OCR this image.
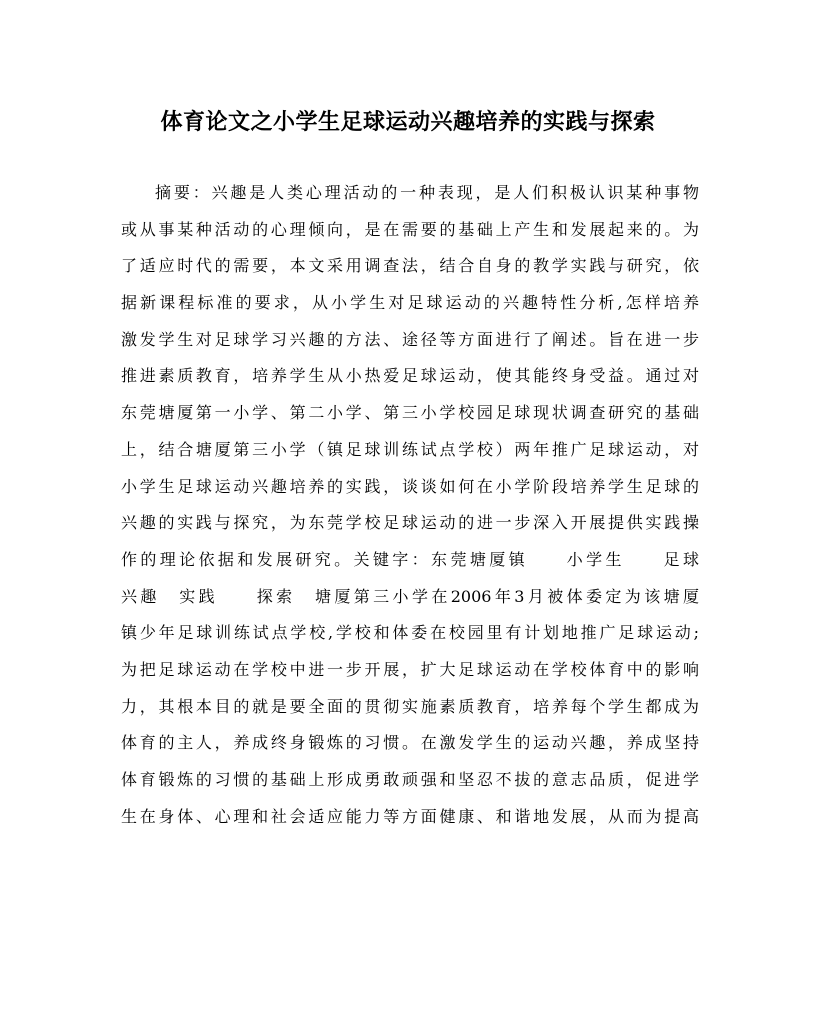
体育论文之小学生足球运动兴趣培养的实践与探索
摘要：兴趣是人类心理活动的一种表现，是人们积极认识某种事物
或从事某种活动的心理倾向，是在需要的基础上产生和发展起来的。为
了适应时代的需要，本文采用调查法，结合自身的教学实践与研究，依
据新课程标准的要求，从小学生对足球运动的兴趣特性分析,怎样培养
激发学生对足球学习兴趣的方法、途径等方面进行了阐述。旨在进一步
推进素质教育，培养学生从小热爱足球运动，使其能终身受益。通过对
东莞塘厦第一小学、第二小学、第三小学校园足球现状调查研究的基础
上，结合塘厦第三小学（镇足球训练试点学校）两年推广足球运动，对
小学生足球运动兴趣培养的实践，谈谈如何在小学阶段培养学生足球的
兴趣的实践与探究，为东莞学校足球运动的进一步深入开展提供实践操
作的理论依据和发展研究。关键字：东莞塘厦镇　　小学生　　足球
兴趣　实践　　探索　塘厦第三小学在2006年3月被体委定为该塘厦
镇少年足球训练试点学校,学校和体委在校园里有计划地推广足球运动;
为把足球运动在学校中进一步开展，扩大足球运动在学校体育中的影响
力，其根本目的就是要全面的贯彻实施素质教育，培养每个学生都成为
体育的主人，养成终身锻炼的习惯。在激发学生的运动兴趣，养成坚持
体育锻炼的习惯的基础上形成勇敢顽强和坚忍不拔的意志品质，促进学
生在身体、心理和社会适应能力等方面健康、和谐地发展，从而为提高
